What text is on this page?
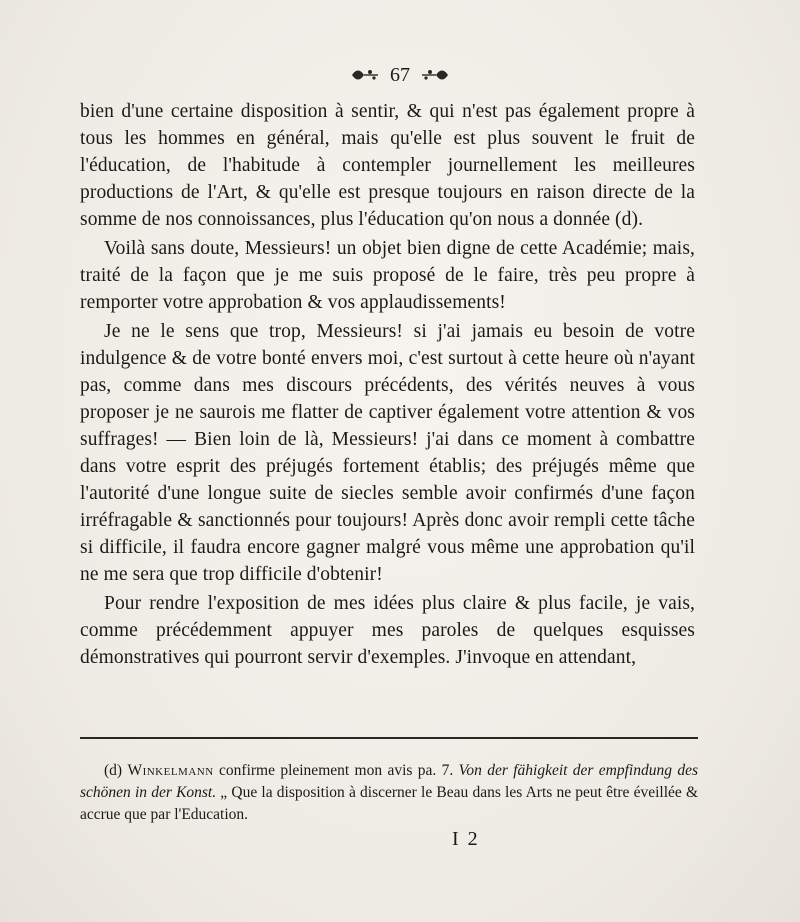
67

bien d'une certaine disposition à sentir, & qui n'est pas également propre à tous les hommes en général, mais qu'elle est plus souvent le fruit de l'éducation, de l'habitude à contempler journellement les meilleures productions de l'Art, & qu'elle est presque toujours en raison directe de la somme de nos connoissances, plus l'éducation qu'on nous a donnée (d).

Voilà sans doute, Messieurs! un objet bien digne de cette Académie; mais, traité de la façon que je me suis proposé de le faire, très peu propre à remporter votre approbation & vos applaudissements!

Je ne le sens que trop, Messieurs! si j'ai jamais eu besoin de votre indulgence & de votre bonté envers moi, c'est surtout à cette heure où n'ayant pas, comme dans mes discours précédents, des vérités neuves à vous proposer je ne saurois me flatter de captiver également votre attention & vos suffrages! — Bien loin de là, Messieurs! j'ai dans ce moment à combattre dans votre esprit des préjugés fortement établis; des préjugés même que l'autorité d'une longue suite de siecles semble avoir confirmés d'une façon irréfragable & sanctionnés pour toujours! Après donc avoir rempli cette tâche si difficile, il faudra encore gagner malgré vous même une approbation qu'il ne me sera que trop difficile d'obtenir!

Pour rendre l'exposition de mes idées plus claire & plus facile, je vais, comme précédemment appuyer mes paroles de quelques esquisses démonstratives qui pourront servir d'exemples. J'invoque en attendant,

(d) Winkelmann confirme pleinement mon avis pa. 7. Von der fähigkeit der empfindung des schönen in der Konst. „ Que la disposition à discerner le Beau dans les Arts ne peut être éveillée & accrue que par l'Education.

I 2
